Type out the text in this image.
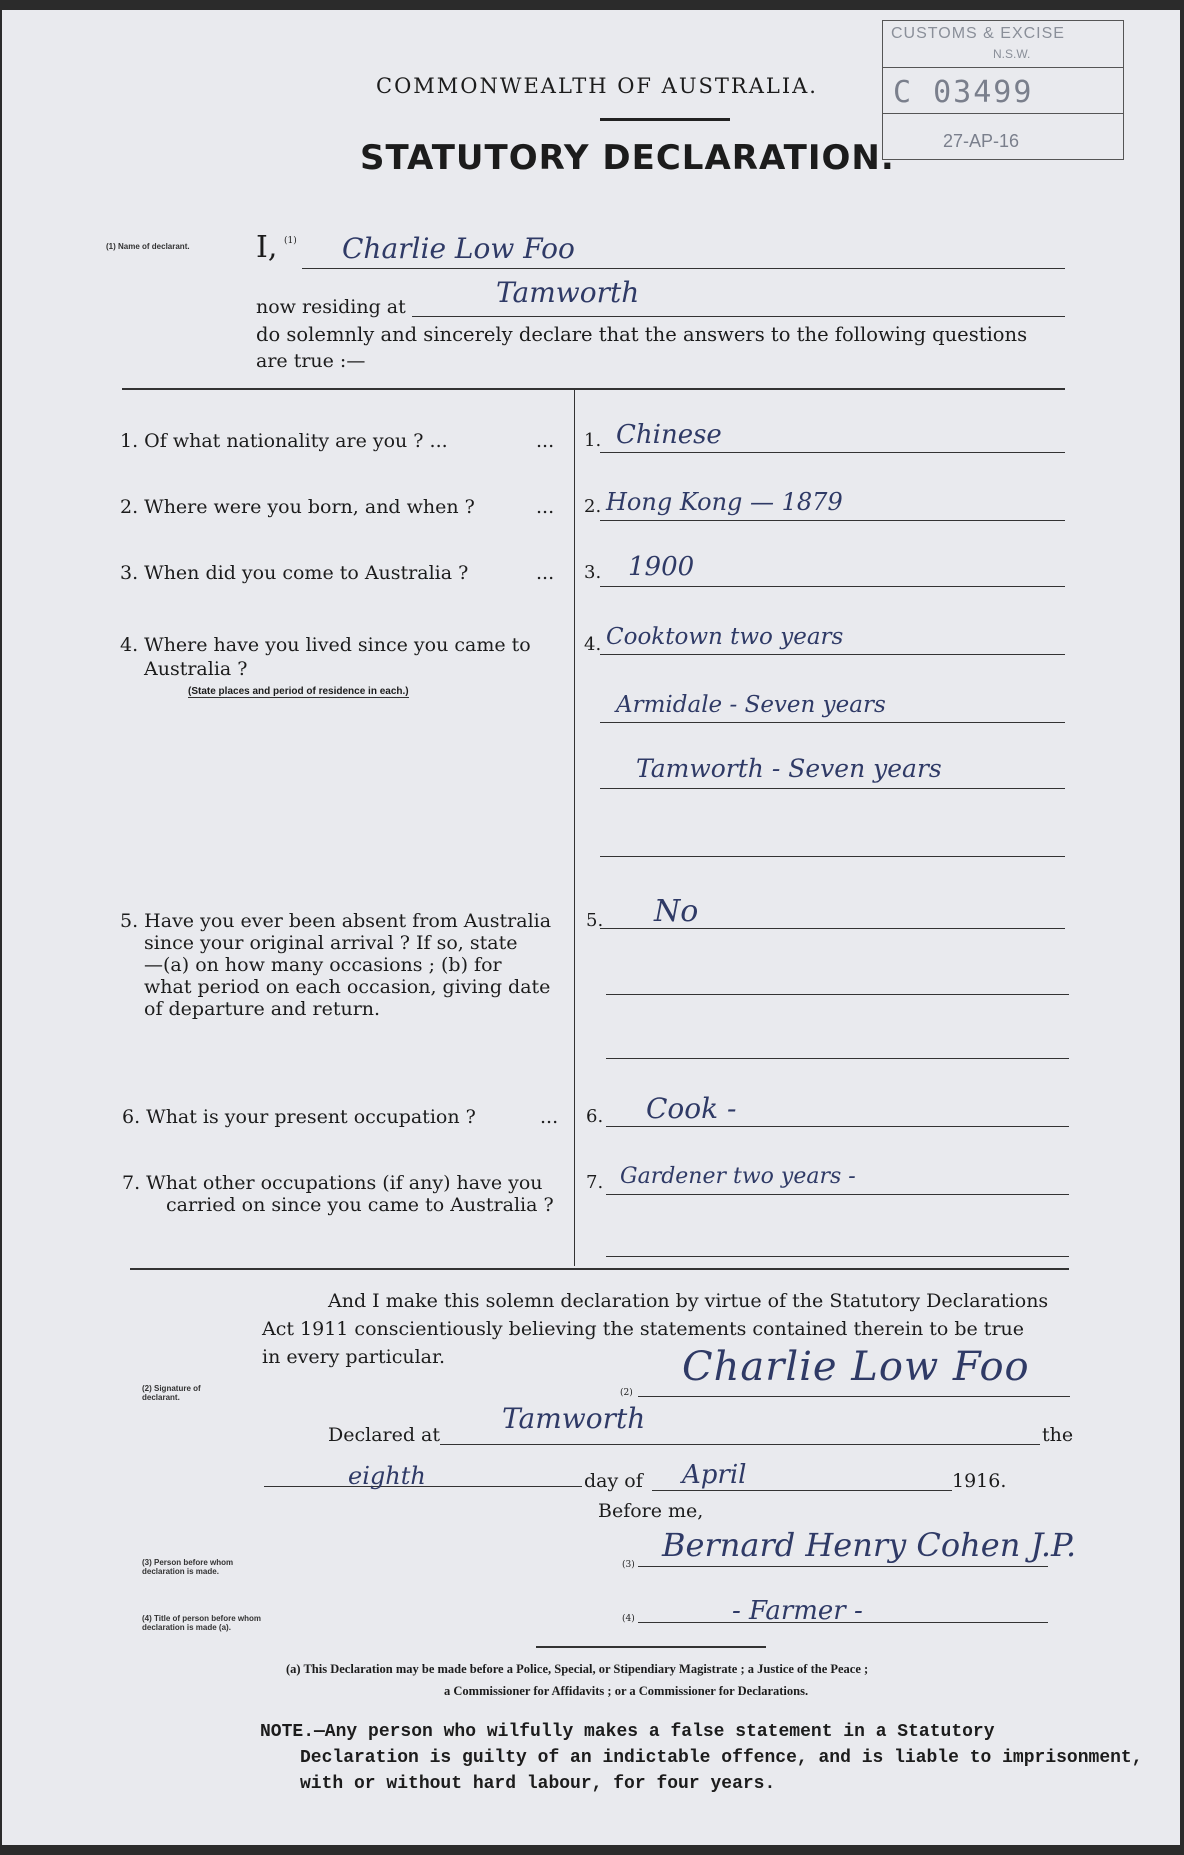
CUSTOMS & EXCISE
N.S.W.
C 03499
27-AP-16
COMMONWEALTH OF AUSTRALIA.
STATUTORY DECLARATION.
(1) Name of declarant. I, (1) Charlie Low Foo
now residing at	Tamworth
do solemnly and sincerely declare that the answers to the following questions
are true :—
1. Of what nationality are you ? ...	... 1. Chinese
2. Where were you born, and when ?	... 2. Hong Kong — 1879
3. When did you come to Australia ?	... 3. 1900
4. Where have you lived since you came to
Australia ?
(State places and period of residence in each.)
4. Cooktown two years
Armidale - Seven years
Tamworth - Seven years
5. Have you ever been absent from Australia
since your original arrival ? If so, state
—(a) on how many occasions ; (b) for
what period on each occasion, giving date
of departure and return.
5. No
6. What is your present occupation ?	... 6. Cook -
7. What other occupations (if any) have you
carried on since you came to Australia ?
7. Gardener two years -
And I make this solemn declaration by virtue of the Statutory Declarations
Act 1911 conscientiously believing the statements contained therein to be true
in every particular.
(2) Signature of declarant.
Charlie Low Foo
(2)
Declared at Tamworth	the
eighth	day of April	1916.
Before me,
(3) Person before whom declaration is made.
(3)
Bernard Henry Cohen J.P.
(4) Title of person before whom declaration is made (a).
(4)	- Farmer -
(a) This Declaration may be made before a Police, Special, or Stipendiary Magistrate ; a Justice of the Peace ;
a Commissioner for Affidavits ; or a Commissioner for Declarations.
NOTE.—Any person who wilfully makes a false statement in a Statutory
Declaration is guilty of an indictable offence, and is liable to imprisonment,
with or without hard labour, for four years.
